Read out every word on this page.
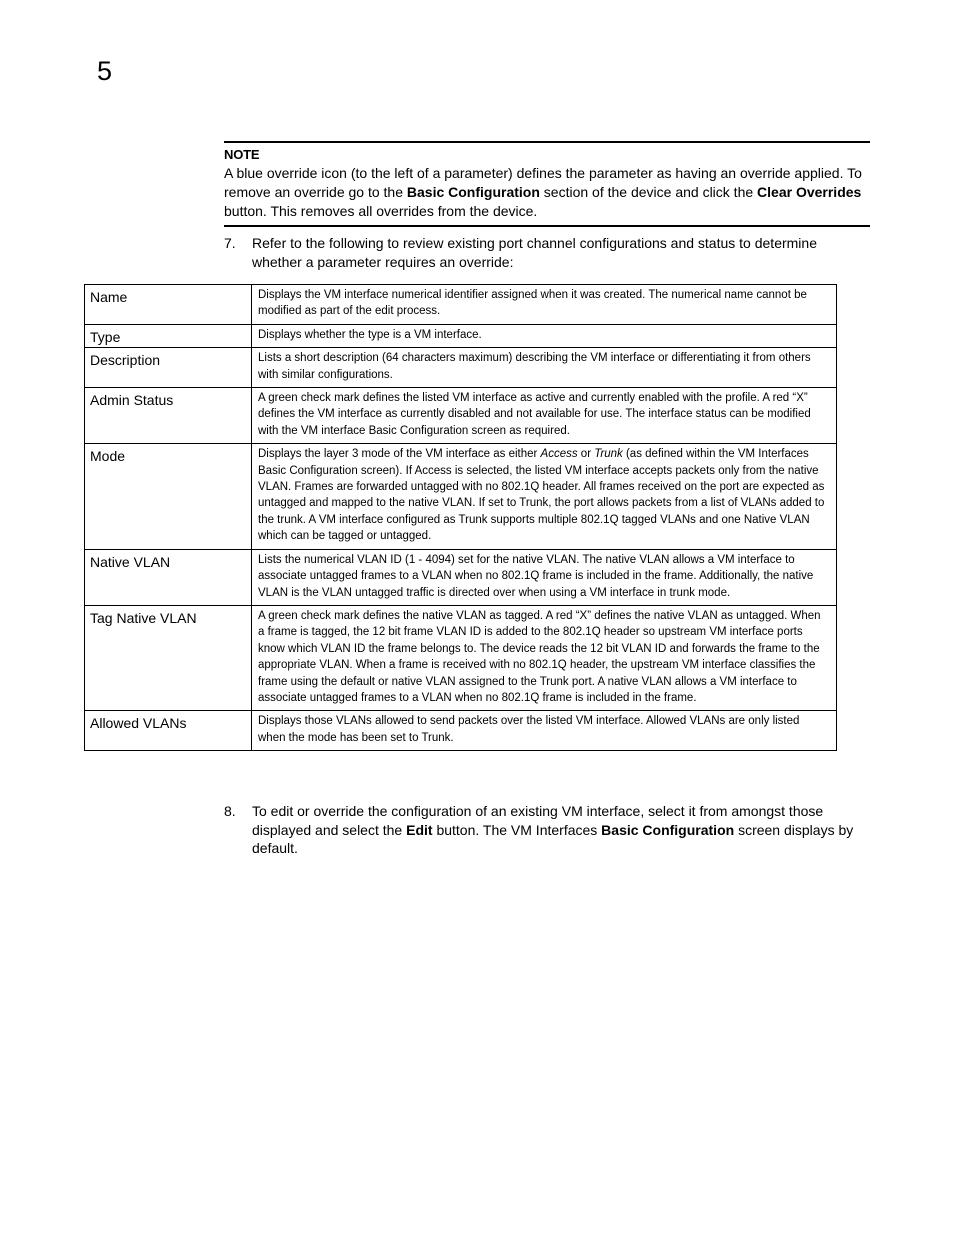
5
NOTE
A blue override icon (to the left of a parameter) defines the parameter as having an override applied. To remove an override go to the Basic Configuration section of the device and click the Clear Overrides button. This removes all overrides from the device.
7. Refer to the following to review existing port channel configurations and status to determine whether a parameter requires an override:
Name	Displays the VM interface numerical identifier assigned when it was created. The numerical name cannot be modified as part of the edit process.
Type	Displays whether the type is a VM interface.
Description	Lists a short description (64 characters maximum) describing the VM interface or differentiating it from others with similar configurations.
Admin Status	A green check mark defines the listed VM interface as active and currently enabled with the profile. A red “X” defines the VM interface as currently disabled and not available for use. The interface status can be modified with the VM interface Basic Configuration screen as required.
Mode	Displays the layer 3 mode of the VM interface as either Access or Trunk (as defined within the VM Interfaces Basic Configuration screen). If Access is selected, the listed VM interface accepts packets only from the native VLAN. Frames are forwarded untagged with no 802.1Q header. All frames received on the port are expected as untagged and mapped to the native VLAN. If set to Trunk, the port allows packets from a list of VLANs added to the trunk. A VM interface configured as Trunk supports multiple 802.1Q tagged VLANs and one Native VLAN which can be tagged or untagged.
Native VLAN	Lists the numerical VLAN ID (1 - 4094) set for the native VLAN. The native VLAN allows a VM interface to associate untagged frames to a VLAN when no 802.1Q frame is included in the frame. Additionally, the native VLAN is the VLAN untagged traffic is directed over when using a VM interface in trunk mode.
Tag Native VLAN	A green check mark defines the native VLAN as tagged. A red “X” defines the native VLAN as untagged. When a frame is tagged, the 12 bit frame VLAN ID is added to the 802.1Q header so upstream VM interface ports know which VLAN ID the frame belongs to. The device reads the 12 bit VLAN ID and forwards the frame to the appropriate VLAN. When a frame is received with no 802.1Q header, the upstream VM interface classifies the frame using the default or native VLAN assigned to the Trunk port. A native VLAN allows a VM interface to associate untagged frames to a VLAN when no 802.1Q frame is included in the frame.
Allowed VLANs	Displays those VLANs allowed to send packets over the listed VM interface. Allowed VLANs are only listed when the mode has been set to Trunk.
8. To edit or override the configuration of an existing VM interface, select it from amongst those displayed and select the Edit button. The VM Interfaces Basic Configuration screen displays by default.
